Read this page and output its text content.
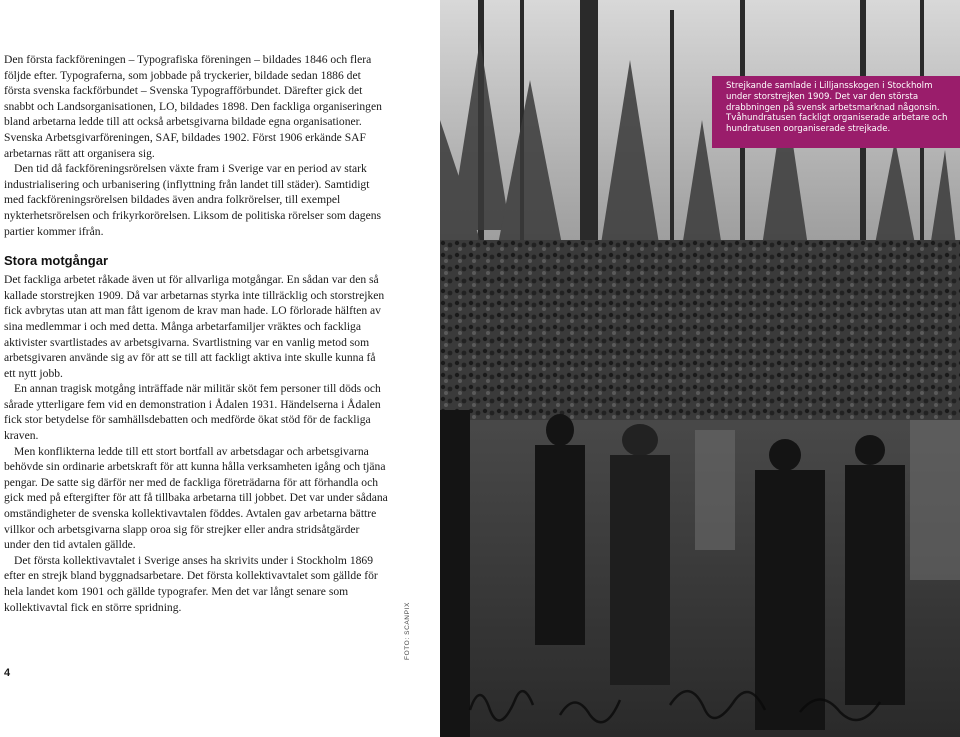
Den första fackföreningen – Typografiska föreningen – bildades 1846 och flera följde efter. Typograferna, som jobbade på tryckerier, bildade sedan 1886 det första svenska fackförbundet – Svenska Typografförbundet. Därefter gick det snabbt och Landsorganisationen, LO, bildades 1898. Den fackliga organiseringen bland arbetarna ledde till att också arbetsgivarna bildade egna organisationer. Svenska Arbetsgivarföreningen, SAF, bildades 1902. Först 1906 erkände SAF arbetarnas rätt att organisera sig.

Den tid då fackföreningsrörelsen växte fram i Sverige var en period av stark industrialisering och urbanisering (inflyttning från landet till städer). Samtidigt med fackföreningsrörelsen bildades även andra folkrörelser, till exempel nykterhetsrörelsen och frikyrkorörelsen. Liksom de politiska rörelser som dagens partier kommer ifrån.

Stora motgångar

Det fackliga arbetet råkade även ut för allvarliga motgångar. En sådan var den så kallade storstrejken 1909. Då var arbetarnas styrka inte tillräcklig och storstrejken fick avbrytas utan att man fått igenom de krav man hade. LO förlorade hälften av sina medlemmar i och med detta. Många arbetarfamiljer vräktes och fackliga aktivister svartlistades av arbetsgivarna. Svartlistning var en vanlig metod som arbetsgivaren använde sig av för att se till att fackligt aktiva inte skulle kunna få ett nytt jobb.

En annan tragisk motgång inträffade när militär sköt fem personer till döds och sårade ytterligare fem vid en demonstration i Ådalen 1931. Händelserna i Ådalen fick stor betydelse för samhällsdebatten och medförde ökat stöd för de fackliga kraven.

Men konflikterna ledde till ett stort bortfall av arbetsdagar och arbetsgivarna behövde sin ordinarie arbetskraft för att kunna hålla verksamheten igång och tjäna pengar. De satte sig därför ner med de fackliga företrädarna för att förhandla och gick med på eftergifter för att få tillbaka arbetarna till jobbet. Det var under sådana omständigheter de svenska kollektivavtalen föddes. Avtalen gav arbetarna bättre villkor och arbetsgivarna slapp oroa sig för strejker eller andra stridsåtgärder under den tid avtalen gällde.

Det första kollektivavtalet i Sverige anses ha skrivits under i Stockholm 1869 efter en strejk bland byggnadsarbetare. Det första kollektivavtalet som gällde för hela landet kom 1901 och gällde typografer. Men det var långt senare som kollektivavtal fick en större spridning.

4
FOTO: SCANPIX
Strejkande samlade i Lilljansskogen i Stockholm under storstrejken 1909. Det var den största drabbningen på svensk arbetsmarknad någonsin. Tvåhundratusen fackligt organiserade arbetare och hundratusen oorganiserade strejkade.
